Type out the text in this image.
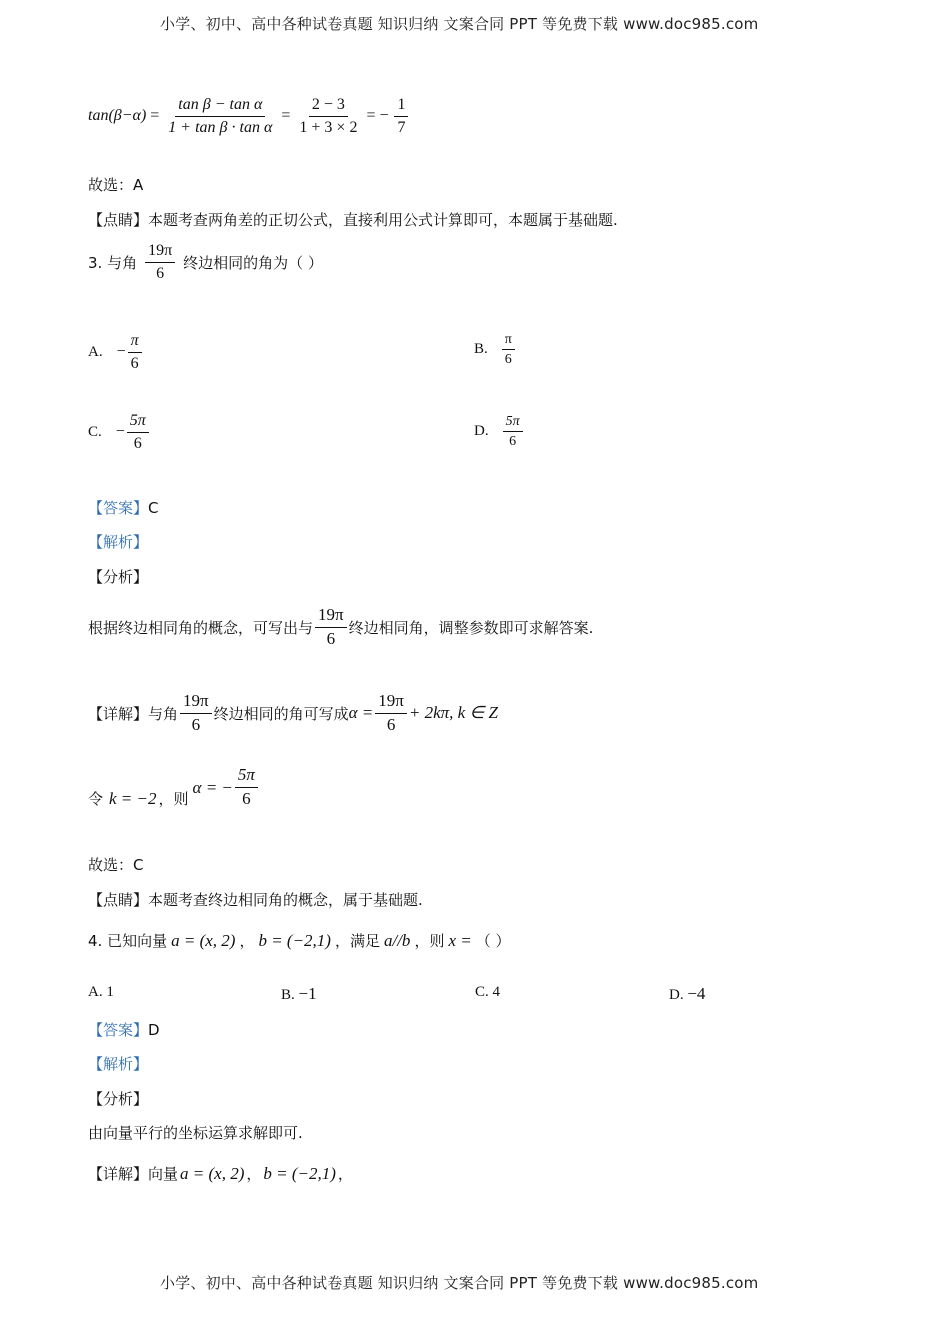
小学、初中、高中各种试卷真题 知识归纳 文案合同 PPT 等免费下载 www.doc985.com
$\tan(\beta-\alpha) = \frac{\text{tan β − tan α}}{\text{1 + tan β · tan α}} = \frac{2 - 3}{1 + 3 \times 2}$ = − $\frac{1}{7}$
故选：A
【点睛】本题考查两角差的正切公式，直接利用公式计算即可，本题属于基础题.
3. 与角 $\frac{19\pi}{6}$ 终边相同的角为（ ）
A. − $\frac{\pi}{6}$	B. $\frac{\pi}{6}$
C. − $\frac{5\pi}{6}$	D. $\frac{5\pi}{6}$
【答案】C
【解析】
【分析】
根据终边相同角的概念，可写出与 $\frac{19\pi}{6}$ 终边相同角，调整参数即可求解答案.
【详解】与角 $\frac{19\pi}{6}$ 终边相同的角可写成 $\alpha = \frac{19\pi}{6} + 2k\pi$, k ∈ Z
令 k = −2 ，则
α = − $\frac{5\pi}{6}$
故选：C
【点睛】本题考查终边相同角的概念，属于基础题.
4. 已知向量 a = (x, 2) ， b = (−2,1) ，满足 a//b ，则 x = （ ）
A. 1	B. −1	C. 4	D. −4
【答案】D
【解析】
【分析】
由向量平行的坐标运算求解即可.
【详解】向量 a = (x, 2) ， b = (−2,1) ，
小学、初中、高中各种试卷真题 知识归纳 文案合同 PPT 等免费下载 www.doc985.com
